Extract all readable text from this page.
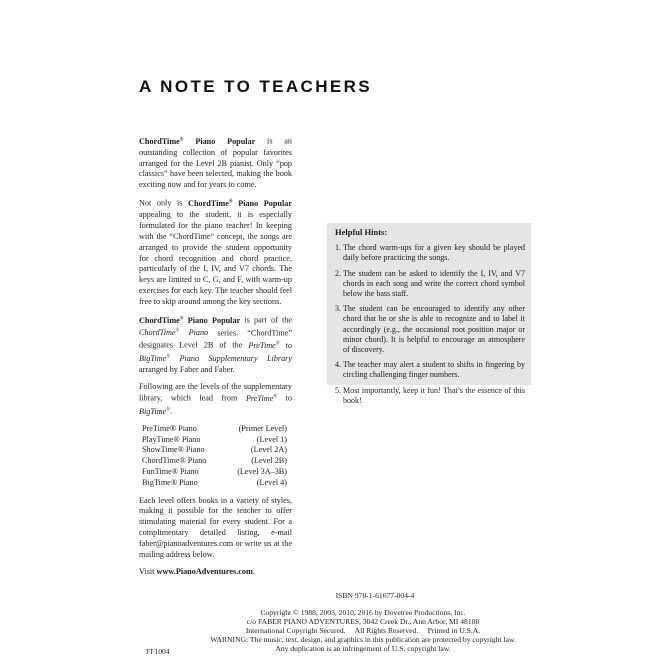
A NOTE TO TEACHERS

ChordTime® Piano Popular is an outstanding collection of popular favorites arranged for the Level 2B pianist. Only “pop classics” have been selected, making the book exciting now and for years to come.

Not only is ChordTime® Piano Popular appealing to the student, it is especially formulated for the piano teacher! In keeping with the “ChordTime” concept, the songs are arranged to provide the student opportunity for chord recognition and chord practice, particularly of the I, IV, and V7 chords. The keys are limited to C, G, and F, with warm-up exercises for each key. The teacher should feel free to skip around among the key sections.

ChordTime® Piano Popular is part of the ChordTime® Piano series. “ChordTime” designates Level 2B of the PreTime® to BigTime® Piano Supplementary Library arranged by Faber and Faber.

Following are the levels of the supplementary library, which lead from PreTime® to BigTime®.

PreTime® Piano	(Primer Level)
PlayTime® Piano	(Level 1)
ShowTime® Piano	(Level 2A)
ChordTime® Piano	(Level 2B)
FunTime® Piano	(Level 3A–3B)
BigTime® Piano	(Level 4)

Each level offers books in a variety of styles, making it possible for the teacher to offer stimulating material for every student. For a complimentary detailed listing, e-mail faber@pianoadventures.com or write us at the mailing address below.

Visit www.PianoAdventures.com.

Helpful Hints:
1. The chord warm-ups for a given key should be played daily before practicing the songs.
2. The student can be asked to identify the I, IV, and V7 chords in each song and write the correct chord symbol below the bass staff.
3. The student can be encouraged to identify any other chord that he or she is able to recognize and to label it accordingly (e.g., the occasional root position major or minor chord). It is helpful to encourage an atmosphere of discovery.
4. The teacher may alert a student to shifts in fingering by circling challenging finger numbers.
5. Most importantly, keep it fun! That’s the essence of this book!
ISBN 978-1-61677-004-4
Copyright © 1988, 2003, 2010, 2016 by Dovetree Productions, Inc.
c/o FABER PIANO ADVENTURES, 3042 Creek Dr., Ann Arbor, MI 48108
International Copyright Secured.     All Rights Reserved.     Printed in U.S.A.
WARNING: The music, text, design, and graphics in this publication are protected by copyright law.
Any duplication is an infringement of U.S. copyright law.
FF1004
